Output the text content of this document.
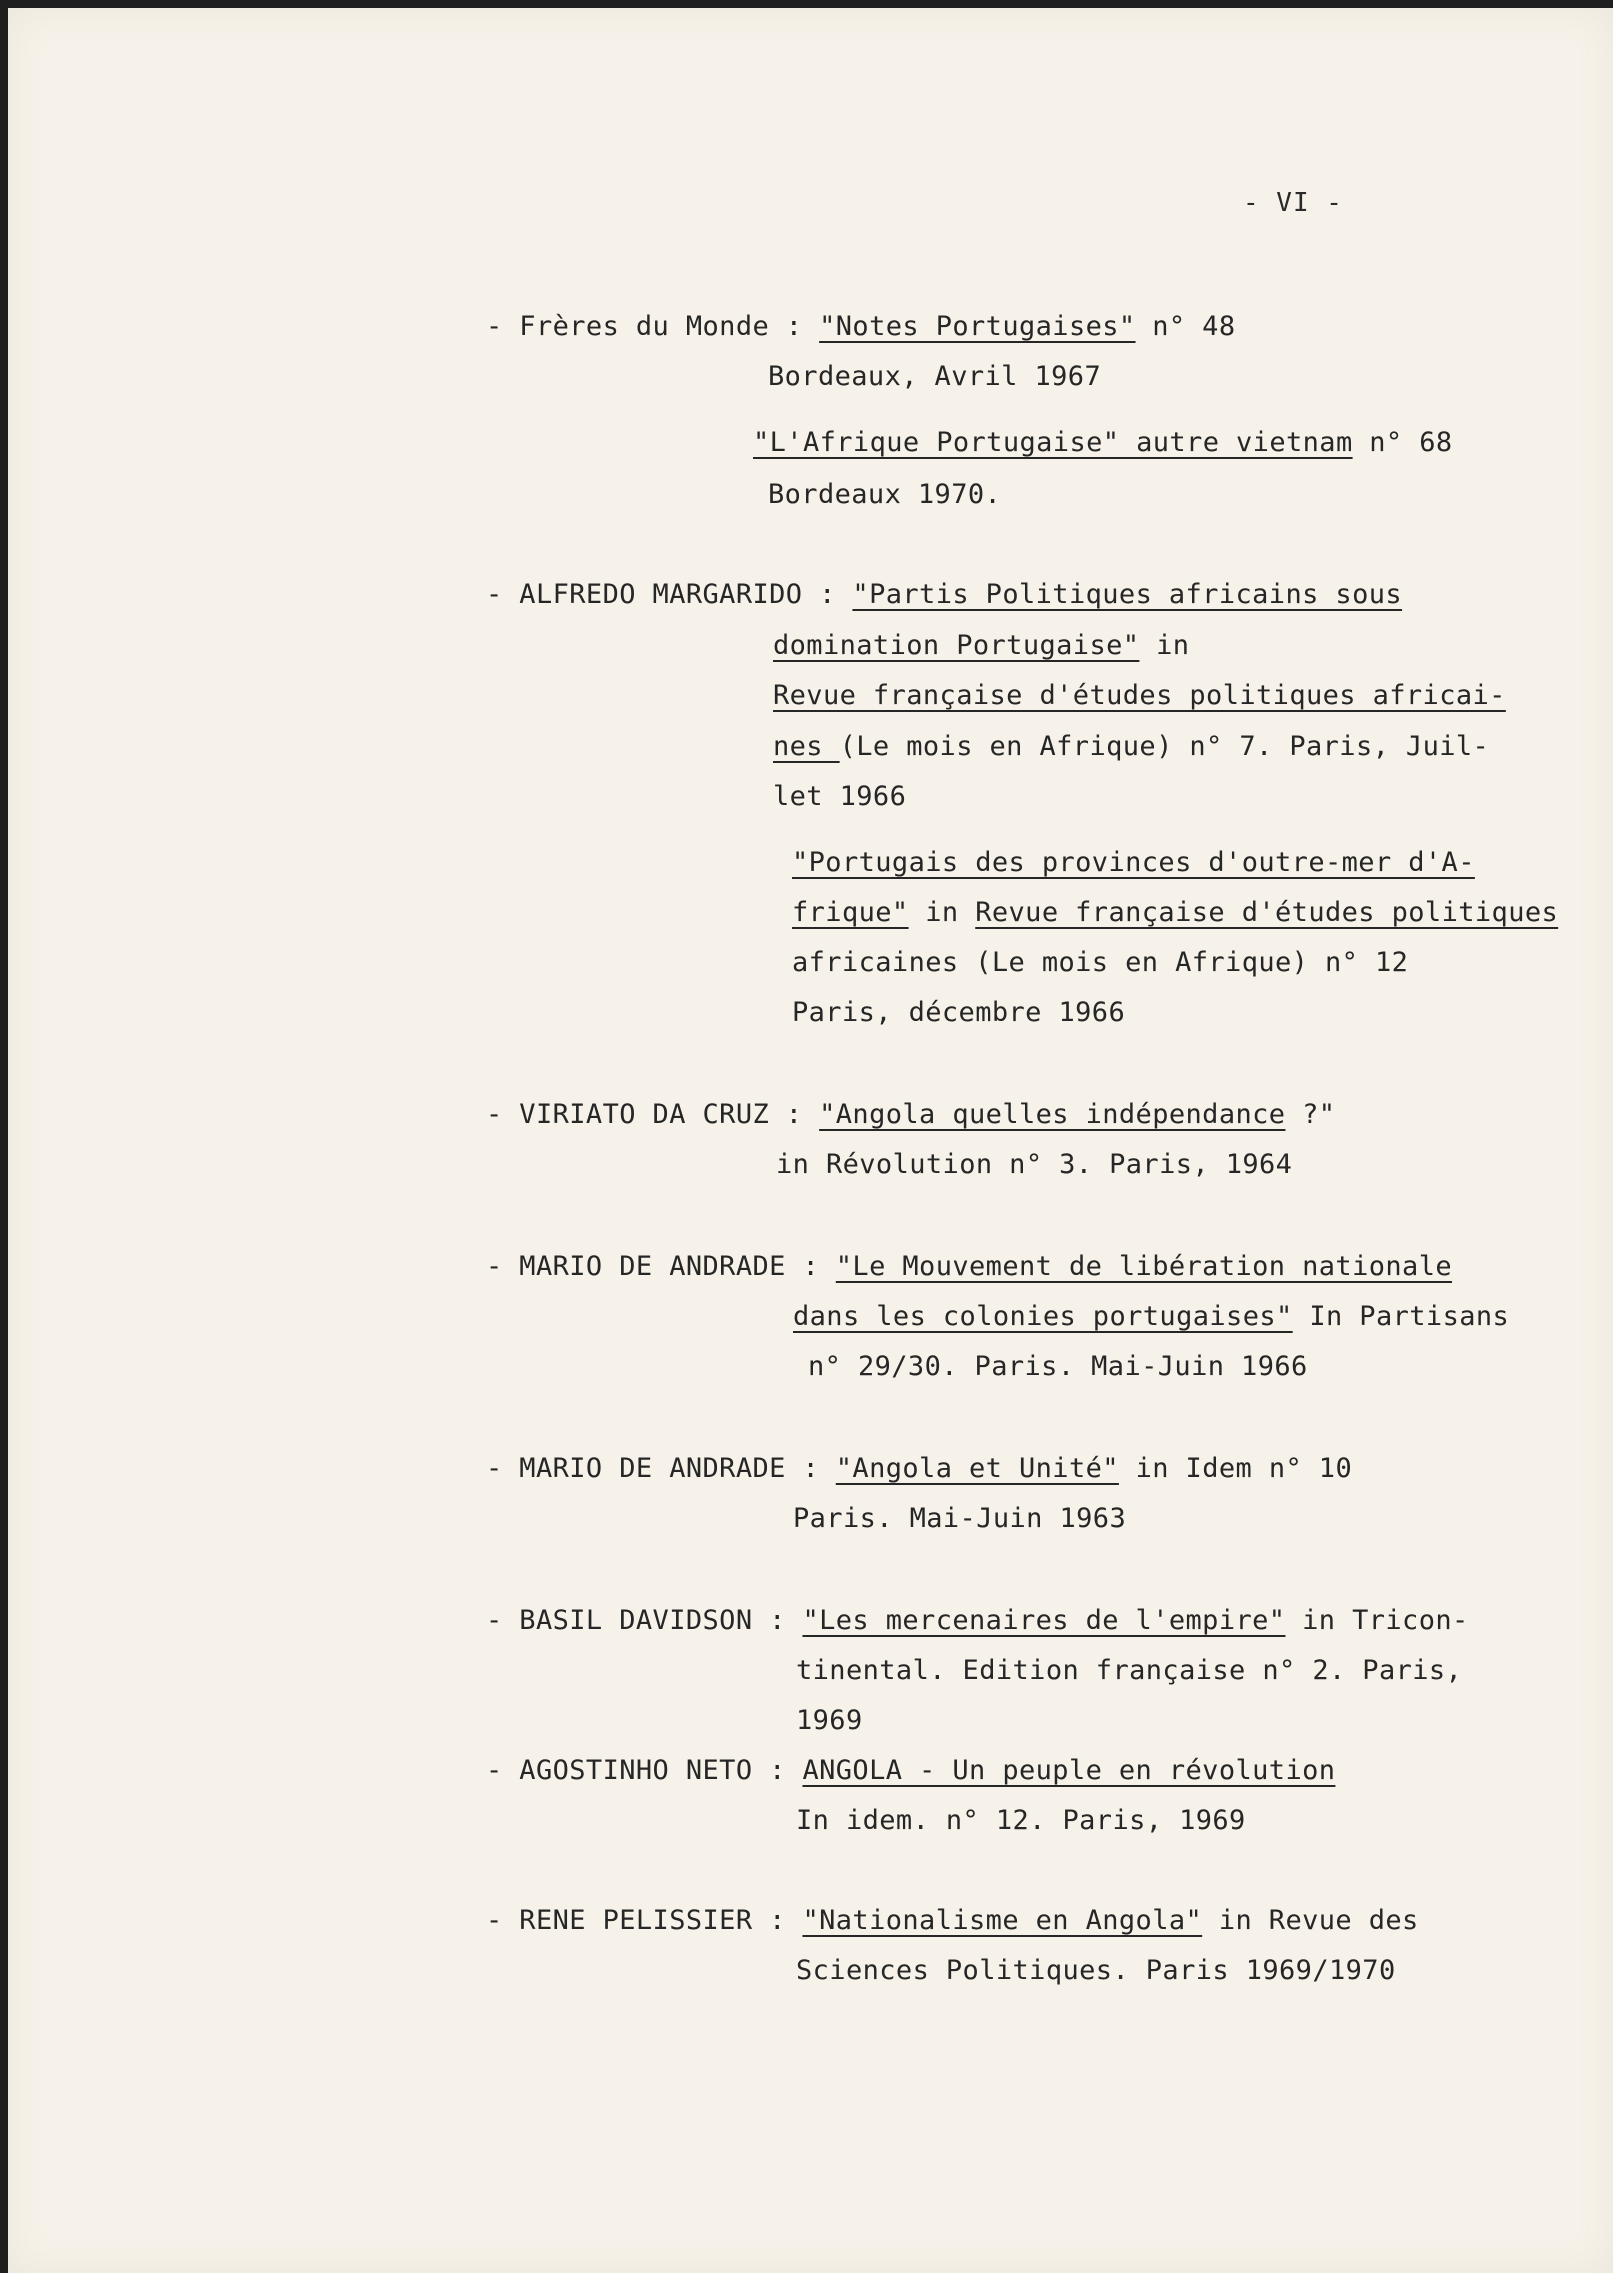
- VI -
- Frères du Monde : "Notes Portugaises" n° 48
Bordeaux, Avril 1967
"L'Afrique Portugaise" autre vietnam n° 68
Bordeaux 1970.
- ALFREDO MARGARIDO : "Partis Politiques africains sous
domination Portugaise" in
Revue française d'études politiques africai-
nes (Le mois en Afrique) n° 7. Paris, Juil-
let 1966
"Portugais des provinces d'outre-mer d'A-
frique" in Revue française d'études politiques
africaines (Le mois en Afrique) n° 12
Paris, décembre 1966
- VIRIATO DA CRUZ : "Angola quelles indépendance ?"
in Révolution n° 3. Paris, 1964
- MARIO DE ANDRADE : "Le Mouvement de libération nationale
dans les colonies portugaises" In Partisans
n° 29/30. Paris. Mai-Juin 1966
- MARIO DE ANDRADE : "Angola et Unité" in Idem n° 10
Paris. Mai-Juin 1963
- BASIL DAVIDSON : "Les mercenaires de l'empire" in Tricon-
tinental. Edition française n° 2. Paris,
1969
- AGOSTINHO NETO : ANGOLA - Un peuple en révolution
In idem. n° 12. Paris, 1969
- RENE PELISSIER : "Nationalisme en Angola" in Revue des
Sciences Politiques. Paris 1969/1970
